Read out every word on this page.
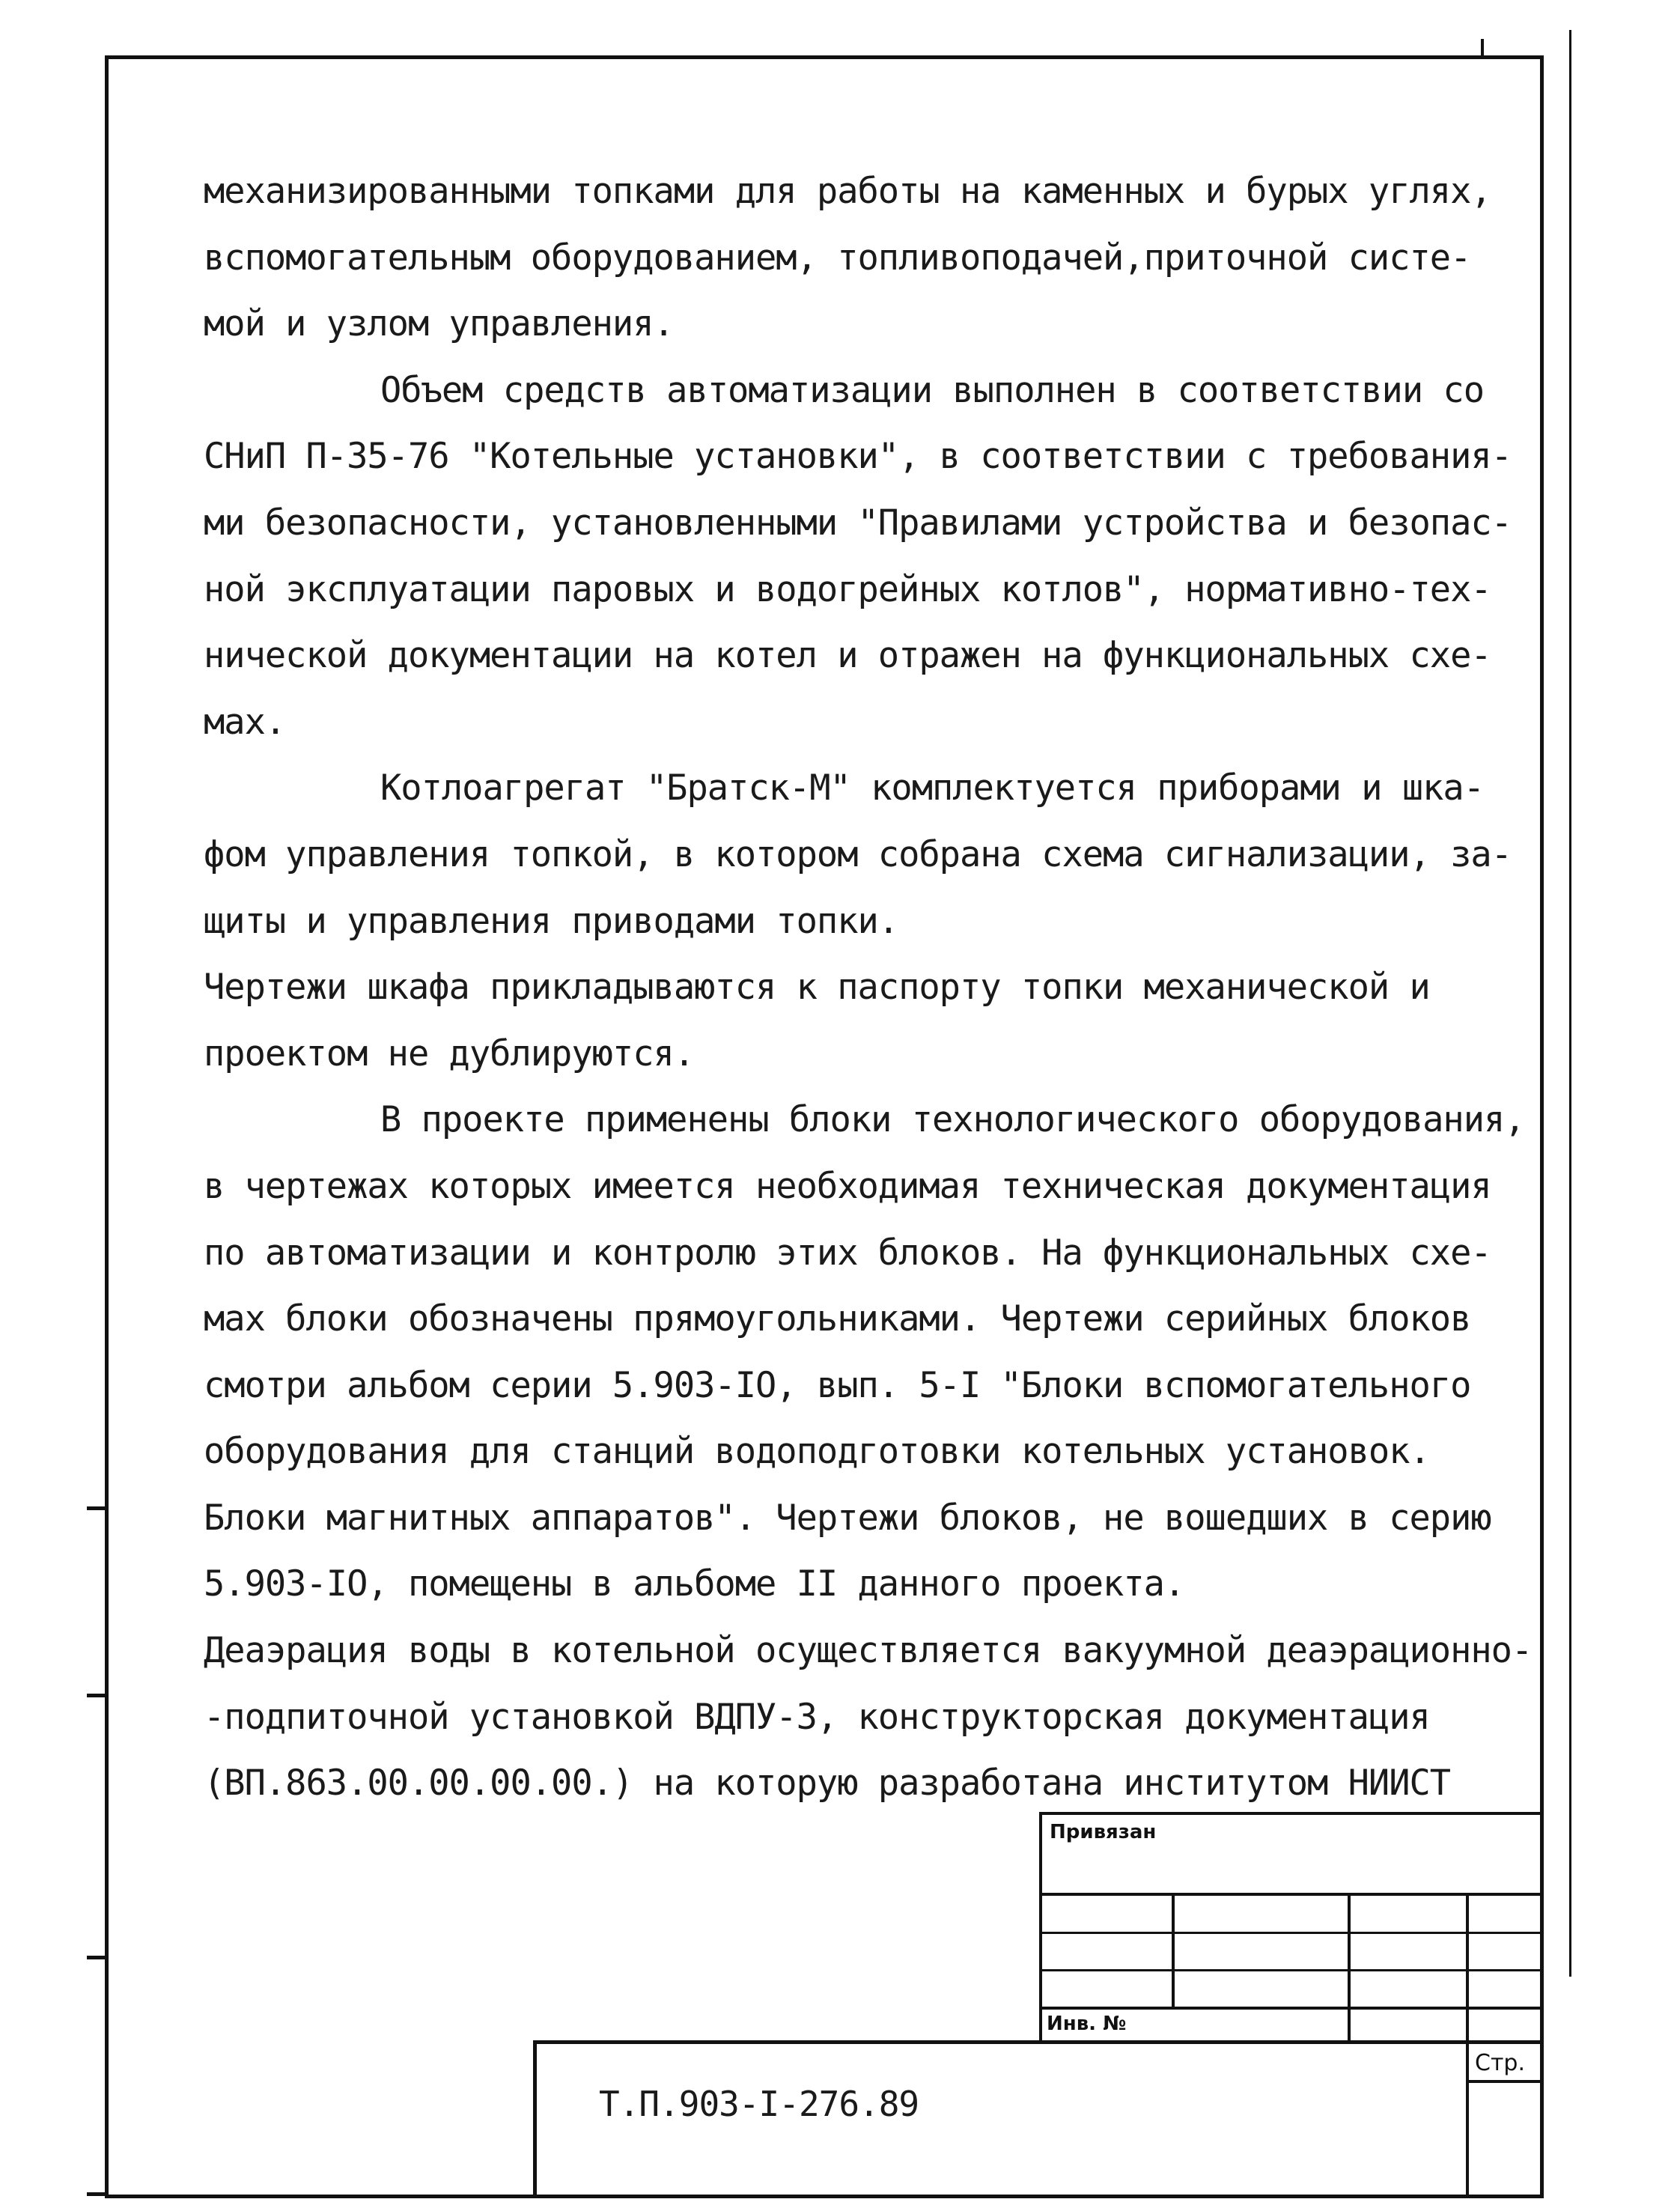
механизированными топками для работы на каменных и бурых углях,
вспомогательным оборудованием, топливоподачей,приточной систе-
мой и узлом управления.
Объем средств автоматизации выполнен в соответствии со
СНиП П-35-76 "Котельные установки", в соответствии с требования-
ми безопасности, установленными "Правилами устройства и безопас-
ной эксплуатации паровых и водогрейных котлов", нормативно-тех-
нической документации на котел и отражен на функциональных схе-
мах.
Котлоагрегат "Братск-М" комплектуется приборами и шка-
фом управления топкой, в котором собрана схема сигнализации, за-
щиты и управления приводами топки.
Чертежи шкафа прикладываются к паспорту топки механической и
проектом не дублируются.
В проекте применены блоки технологического оборудования,
в чертежах которых имеется необходимая техническая документация
по автоматизации и контролю этих блоков. На функциональных схе-
мах блоки обозначены прямоугольниками. Чертежи серийных блоков
смотри альбом серии 5.903-IO, вып. 5-I "Блоки вспомогательного
оборудования для станций водоподготовки котельных установок.
Блоки магнитных аппаратов". Чертежи блоков, не вошедших в серию
5.903-IO, помещены в альбоме II данного проекта.
Деаэрация воды в котельной осуществляется вакуумной деаэрационно-
-подпиточной установкой ВДПУ-3, конструкторская документация
(ВП.863.00.00.00.00.) на которую разработана институтом НИИСТ
Привязан
Инв. №
Стр.
Т.П.903-I-276.89
